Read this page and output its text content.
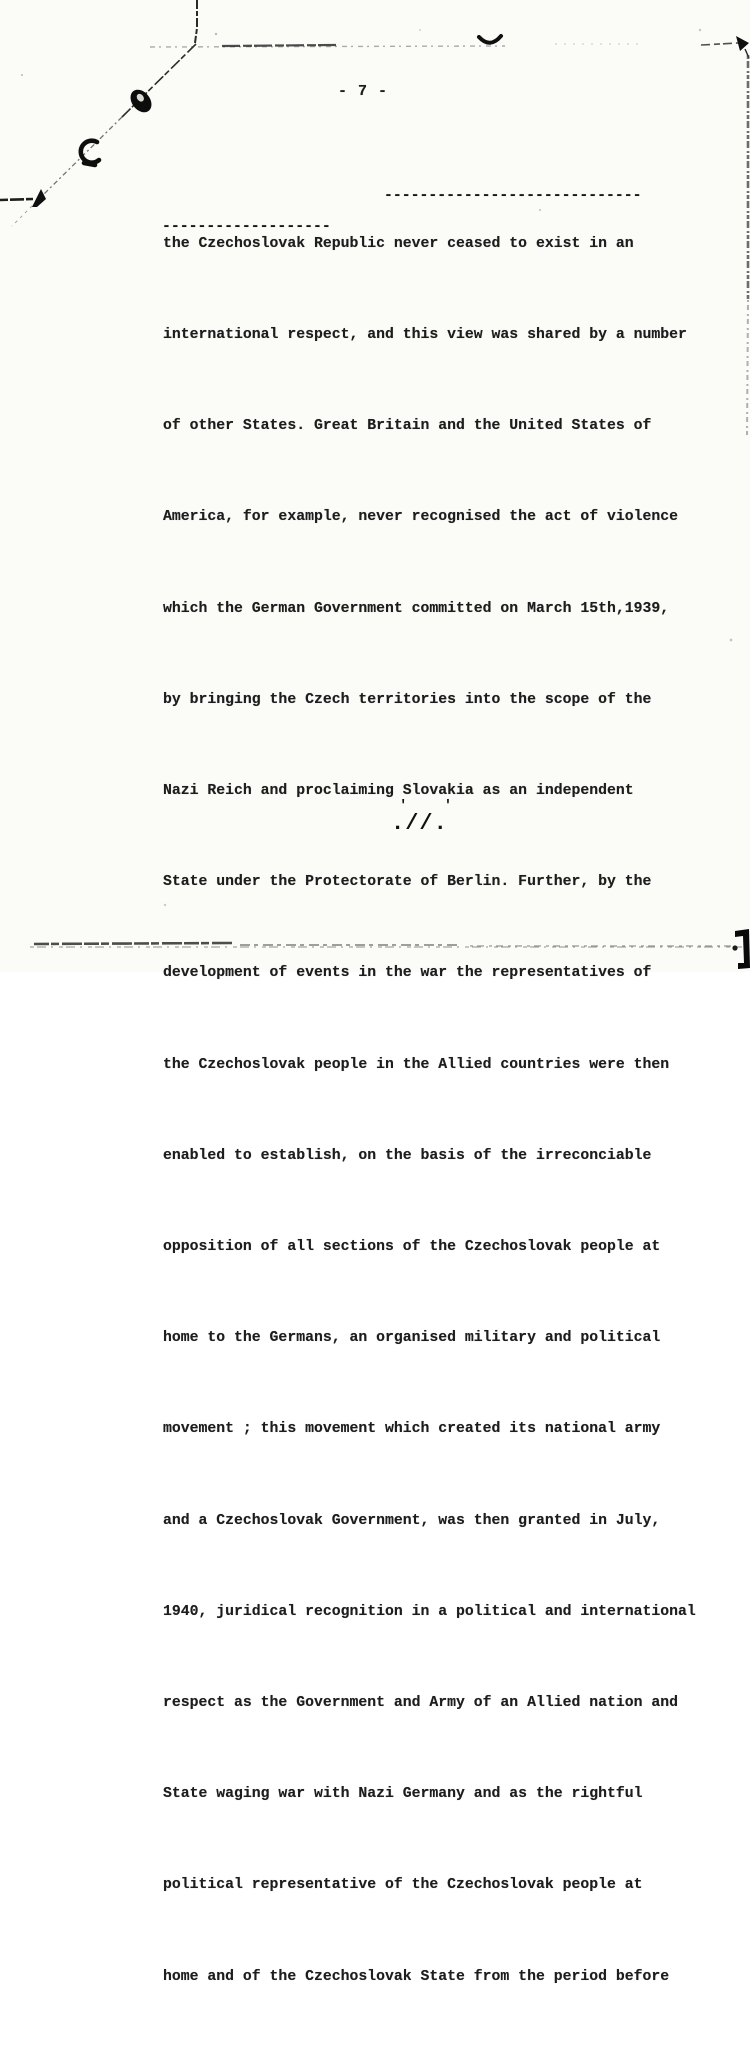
- 7 -

the Czechoslovak Republic never ceased to exist in an

international respect, and this view was shared by a number

of other States. Great Britain and the United States of

America, for example, never recognised the act of violence

which the German Government committed on March 15th,1939,

by bringing the Czech territories into the scope of the

Nazi Reich and proclaiming Slovakia as an independent

State under the Protectorate of Berlin. Further, by the

development of events in the war the representatives of

the Czechoslovak people in the Allied countries were then

enabled to establish, on the basis of the irreconciable

opposition of all sections of the Czechoslovak people at

home to the Germans, an organised military and political

movement ; this movement which created its national army

and a Czechoslovak Government, was then granted in July,

1940, juridical recognition in a political and international

respect as the Government and Army of an Allied nation and

State waging war with Nazi Germany and as the rightful

political representative of the Czechoslovak people at

home and of the Czechoslovak State from the period before

-----------------------------
-------------------
' '
.//.
